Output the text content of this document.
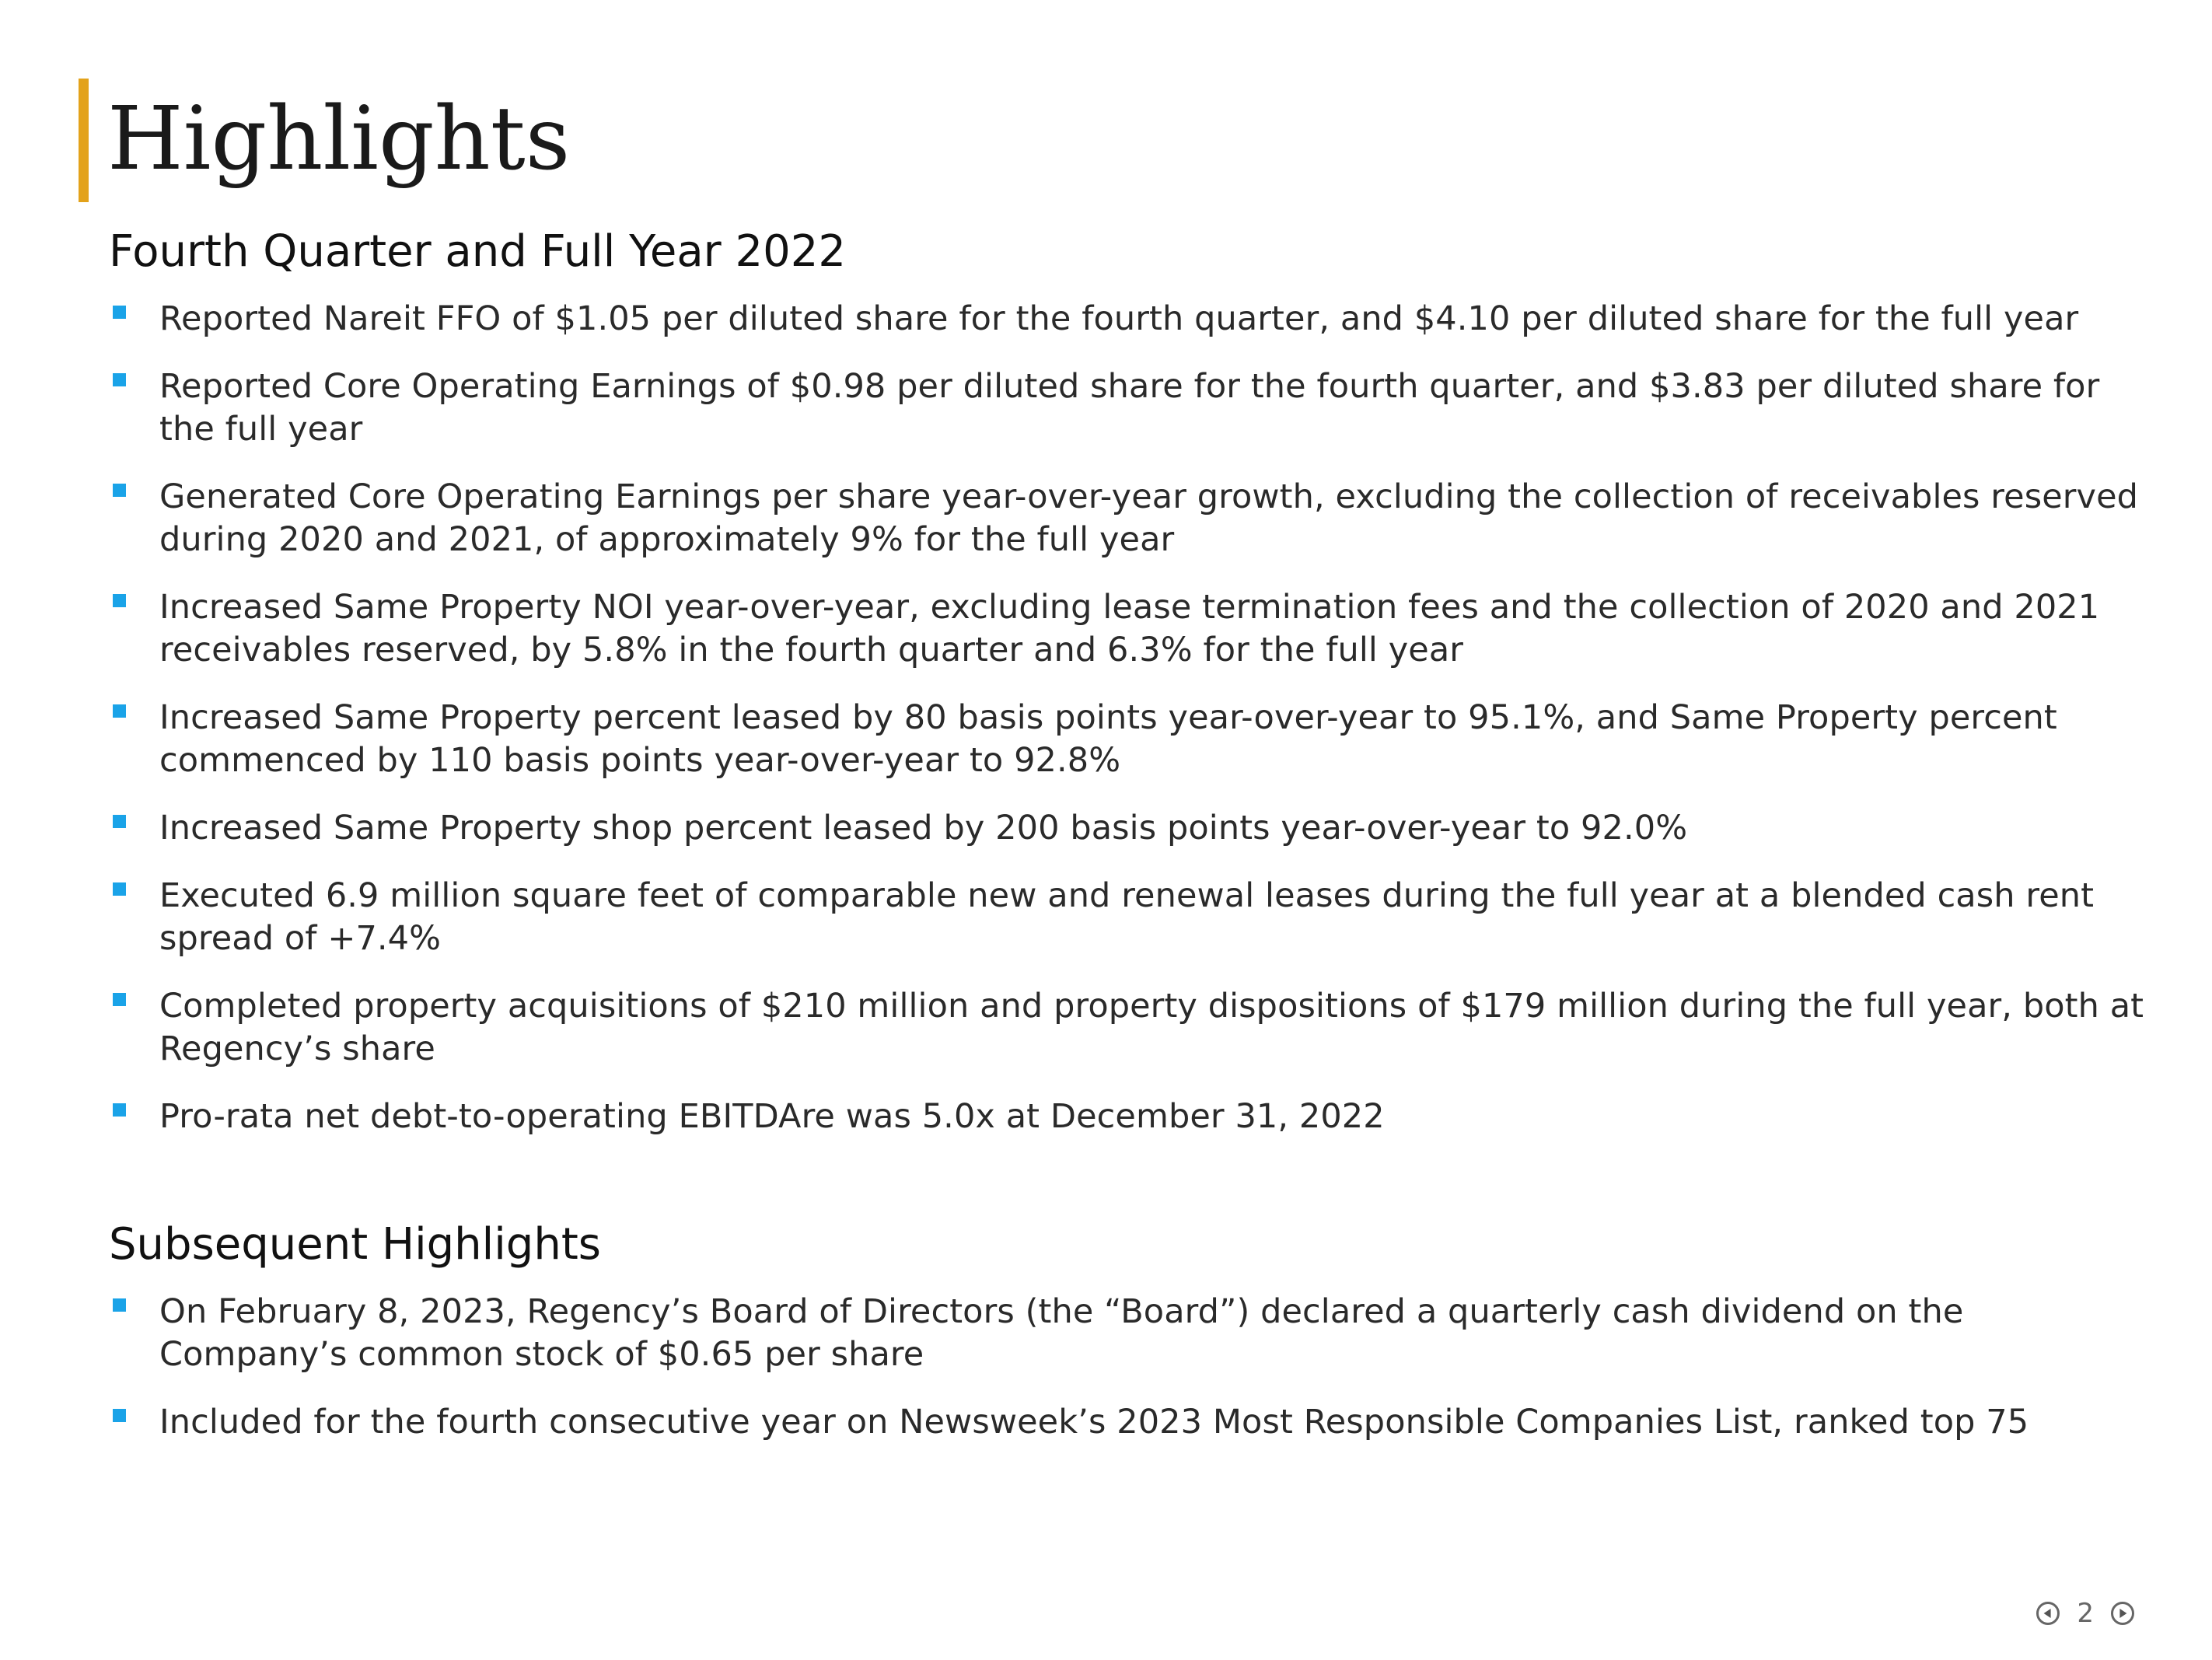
Highlights
Fourth Quarter and Full Year 2022
Reported Nareit FFO of $1.05 per diluted share for the fourth quarter, and $4.10 per diluted share for the full year
Reported Core Operating Earnings of $0.98 per diluted share for the fourth quarter, and $3.83 per diluted share for the full year
Generated Core Operating Earnings per share year-over-year growth, excluding the collection of receivables reserved during 2020 and 2021, of approximately 9% for the full year
Increased Same Property NOI year-over-year, excluding lease termination fees and the collection of 2020 and 2021 receivables reserved, by 5.8% in the fourth quarter and 6.3% for the full year
Increased Same Property percent leased by 80 basis points year-over-year to 95.1%, and Same Property percent commenced by 110 basis points year-over-year to 92.8%
Increased Same Property shop percent leased by 200 basis points year-over-year to 92.0%
Executed 6.9 million square feet of comparable new and renewal leases during the full year at a blended cash rent spread of +7.4%
Completed property acquisitions of $210 million and property dispositions of $179 million during the full year, both at Regency’s share
Pro-rata net debt-to-operating EBITDAre was 5.0x at December 31, 2022
Subsequent Highlights
On February 8, 2023, Regency’s Board of Directors (the “Board”) declared a quarterly cash dividend on the Company’s common stock of $0.65 per share
Included for the fourth consecutive year on Newsweek’s 2023 Most Responsible Companies List, ranked top 75
2
